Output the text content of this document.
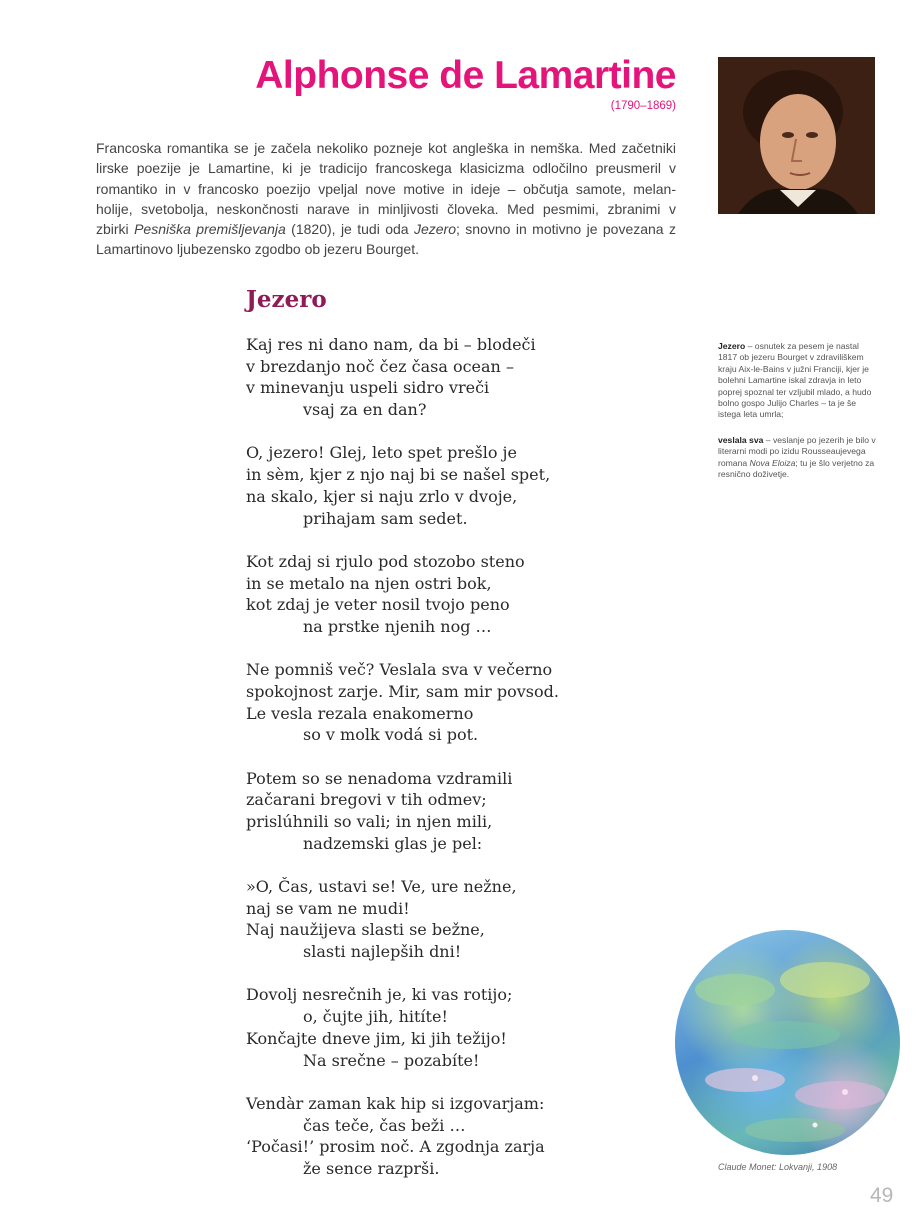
Alphonse de Lamartine
(1790–1869)

Francoska romantika se je začela nekoliko pozneje kot angleška in nemška. Med začetniki
lirske poezije je Lamartine, ki je tradicijo francoskega klasicizma odločilno preusmeril v
romantiko in v francosko poezijo vpeljal nove motive in ideje – občutja samote, melan-
holije, svetobolja, neskončnosti narave in minljivosti človeka. Med pesmimi, zbranimi v
zbirki Pesniška premišljevanja (1820), je tudi oda Jezero; snovno in motivno je povezana z
Lamartinovo ljubezensko zgodbo ob jezeru Bourget.

Jezero
Kaj res ni dano nam, da bi – blodeči
v brezdanjo noč čez časa ocean –
v minevanju uspeli sidro vreči
vsaj za en dan?
O, jezero! Glej, leto spet prešlo je
in sèm, kjer z njo naj bi se našel spet,
na skalo, kjer si naju zrlo v dvoje,
prihajam sam sedet.
Kot zdaj si rjulo pod stozobo steno
in se metalo na njen ostri bok,
kot zdaj je veter nosil tvojo peno
na prstke njenih nog …
Ne pomniš več? Veslala sva v večerno
spokojnost zarje. Mir, sam mir povsod.
Le vesla rezala enakomerno
so v molk vodá si pot.
Potem so se nenadoma vzdramili
začarani bregovi v tih odmev;
prislúhnili so vali; in njen mili,
nadzemski glas je pel:
»O, Čas, ustavi se! Ve, ure nežne,
naj se vam ne mudi!
Naj naužijeva slasti se bežne,
slasti najlepših dni!
Dovolj nesrečnih je, ki vas rotijo;
o, čujte jih, hitíte!
Končajte dneve jim, ki jih težijo!
Na srečne – pozabíte!
Vendàr zaman kak hip si izgovarjam:
čas teče, čas beži …
‘Počasi!’ prosim noč. A zgodnja zarja
že sence razprši.

Jezero – osnutek za pesem je nastal 1817 ob jezeru Bourget v zdraviliškem kraju Aix-le-Bains v južni Franciji, kjer je bolehni Lamartine iskal zdravja in leto poprej spoznal ter vzljubil mlado, a hudo bolno gospo Julijo Charles – ta je še istega leta umrla;

veslala sva – veslanje po jezerih je bilo v literarni modi po izidu Rousseaujevega romana Nova Eloiza; tu je šlo verjetno za resnično doživetje.

Claude Monet: Lokvanji, 1908
49
